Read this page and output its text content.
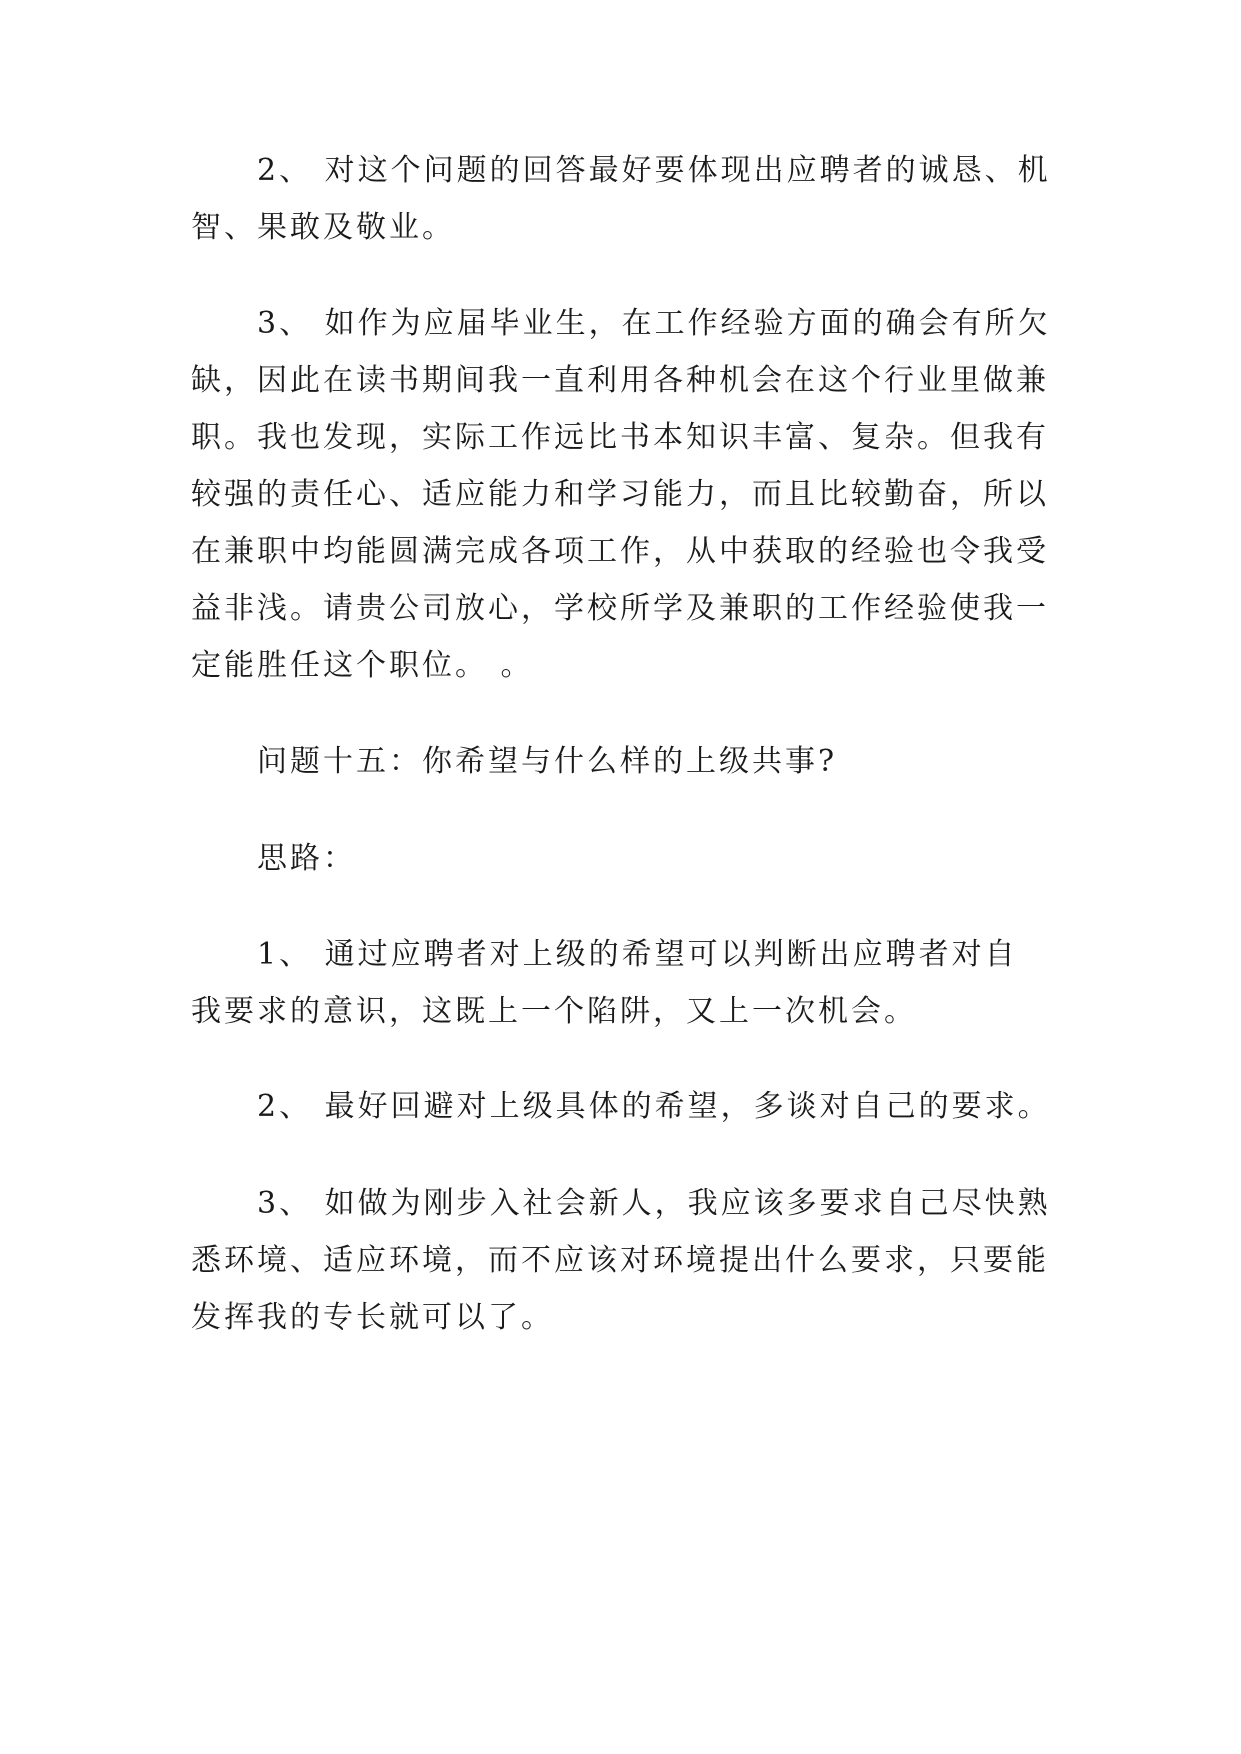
2、 对这个问题的回答最好要体现出应聘者的诚恳、机
智、果敢及敬业。

3、 如作为应届毕业生，在工作经验方面的确会有所欠
缺，因此在读书期间我一直利用各种机会在这个行业里做兼
职。我也发现，实际工作远比书本知识丰富、复杂。但我有
较强的责任心、适应能力和学习能力，而且比较勤奋，所以
在兼职中均能圆满完成各项工作，从中获取的经验也令我受
益非浅。请贵公司放心，学校所学及兼职的工作经验使我一
定能胜任这个职位。 。

问题十五：你希望与什么样的上级共事?

思路：

1、 通过应聘者对上级的希望可以判断出应聘者对自
我要求的意识，这既上一个陷阱，又上一次机会。

2、 最好回避对上级具体的希望，多谈对自己的要求。

3、 如做为刚步入社会新人，我应该多要求自己尽快熟
悉环境、适应环境，而不应该对环境提出什么要求，只要能
发挥我的专长就可以了。
